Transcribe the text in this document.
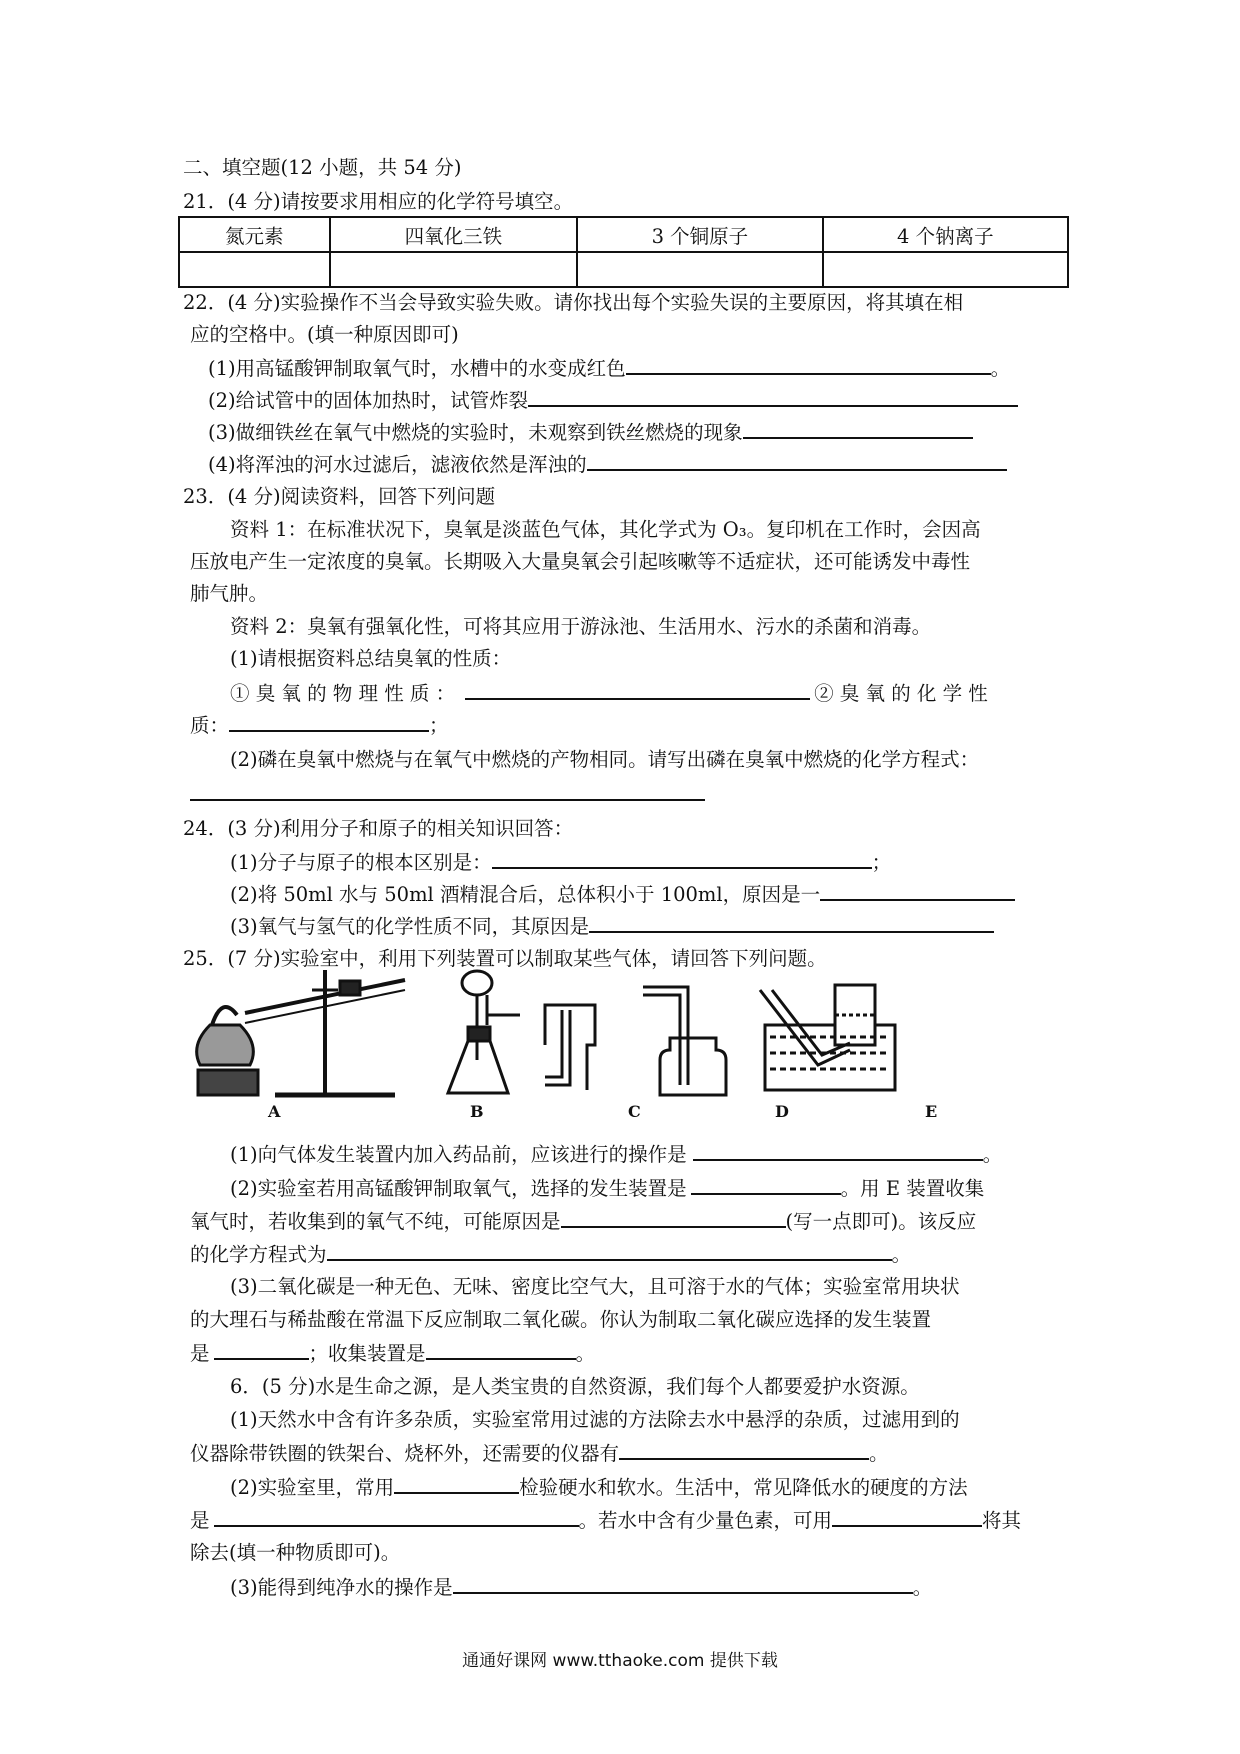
二、填空题(12 小题，共 54 分)
21．(4 分)请按要求用相应的化学符号填空。
氮元素	四氧化三铁	3 个铜原子	4 个钠离子

22．(4 分)实验操作不当会导致实验失败。请你找出每个实验失误的主要原因，将其填在相
应的空格中。(填一种原因即可)
(1)用高锰酸钾制取氧气时，水槽中的水变成红色	。
(2)给试管中的固体加热时，试管炸裂
(3)做细铁丝在氧气中燃烧的实验时，未观察到铁丝燃烧的现象
(4)将浑浊的河水过滤后，滤液依然是浑浊的
23．(4 分)阅读资料，回答下列问题
资料 1：在标准状况下，臭氧是淡蓝色气体，其化学式为 O₃。复印机在工作时，会因高
压放电产生一定浓度的臭氧。长期吸入大量臭氧会引起咳嗽等不适症状，还可能诱发中毒性
肺气肿。
资料 2：臭氧有强氧化性，可将其应用于游泳池、生活用水、污水的杀菌和消毒。
(1)请根据资料总结臭氧的性质：
① 臭 氧 的 物 理 性 质 ：	② 臭 氧 的 化 学 性
质：	；
(2)磷在臭氧中燃烧与在氧气中燃烧的产物相同。请写出磷在臭氧中燃烧的化学方程式：
24．(3 分)利用分子和原子的相关知识回答：
(1)分子与原子的根本区别是：	；
(2)将 50ml 水与 50ml 酒精混合后，总体积小于 100ml，原因是一
(3)氧气与氢气的化学性质不同，其原因是
25．(7 分)实验室中，利用下列装置可以制取某些气体，请回答下列问题。
A	B	C	D	E
(1)向气体发生装置内加入药品前，应该进行的操作是	。
(2)实验室若用高锰酸钾制取氧气，选择的发生装置是	。用 E 装置收集
氧气时，若收集到的氧气不纯，可能原因是	(写一点即可)。该反应
的化学方程式为	。
(3)二氧化碳是一种无色、无味、密度比空气大，且可溶于水的气体；实验室常用块状
的大理石与稀盐酸在常温下反应制取二氧化碳。你认为制取二氧化碳应选择的发生装置
是	；收集装置是	。
6．(5 分)水是生命之源，是人类宝贵的自然资源，我们每个人都要爱护水资源。
(1)天然水中含有许多杂质，实验室常用过滤的方法除去水中悬浮的杂质，过滤用到的
仪器除带铁圈的铁架台、烧杯外，还需要的仪器有	。
(2)实验室里，常用	检验硬水和软水。生活中，常见降低水的硬度的方法
是	。若水中含有少量色素，可用	将其
除去(填一种物质即可)。
(3)能得到纯净水的操作是	。
通通好课网 www.tthaoke.com 提供下载
